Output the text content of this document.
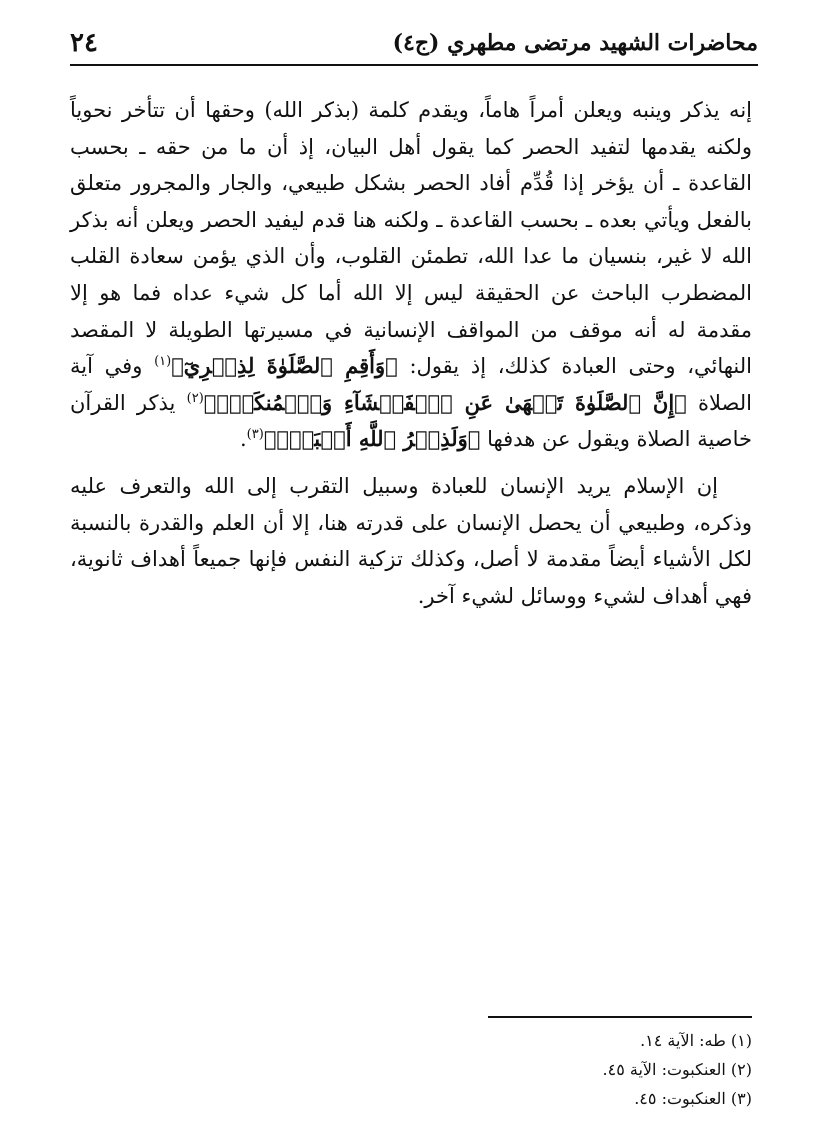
محاضرات الشهيد مرتضى مطهري (ج٤)
٢٤

إنه يذكر وينبه ويعلن أمراً هاماً، ويقدم كلمة (بذكر الله) وحقها أن تتأخر نحوياً ولكنه يقدمها لتفيد الحصر كما يقول أهل البيان، إذ أن ما من حقه ـ بحسب القاعدة ـ أن يؤخر إذا قُدِّم أفاد الحصر بشكل طبيعي، والجار والمجرور متعلق بالفعل ويأتي بعده ـ بحسب القاعدة ـ ولكنه هنا قدم ليفيد الحصر ويعلن أنه بذكر الله لا غير، بنسيان ما عدا الله، تطمئن القلوب، وأن الذي يؤمن سعادة القلب المضطرب الباحث عن الحقيقة ليس إلا الله أما كل شيء عداه فما هو إلا مقدمة له أنه موقف من المواقف الإنسانية في مسيرتها الطويلة لا المقصد النهائي، وحتى العبادة كذلك، إذ يقول: ﴿وَأَقِمِ ٱلصَّلَوٰةَ لِذِكۡرِيٓ﴾$^{(١)}$ وفي آية الصلاة ﴿إِنَّ ٱلصَّلَوٰةَ تَنۡهَىٰ عَنِ ٱلۡفَحۡشَآءِ وَٱلۡمُنكَرِۗ﴾$^{(٢)}$ يذكر القرآن خاصية الصلاة ويقول عن هدفها ﴿وَلَذِكۡرُ ٱللَّهِ أَكۡبَرُۗ﴾$^{(٣)}$.

إن الإسلام يريد الإنسان للعبادة وسبيل التقرب إلى الله والتعرف عليه وذكره، وطبيعي أن يحصل الإنسان على قدرته هنا، إلا أن العلم والقدرة بالنسبة لكل الأشياء أيضاً مقدمة لا أصل، وكذلك تزكية النفس فإنها جميعاً أهداف ثانوية، فهي أهداف لشيء ووسائل لشيء آخر.

(١) طه: الآية ١٤.
(٢) العنكبوت: الآية ٤٥.
(٣) العنكبوت: ٤٥.
